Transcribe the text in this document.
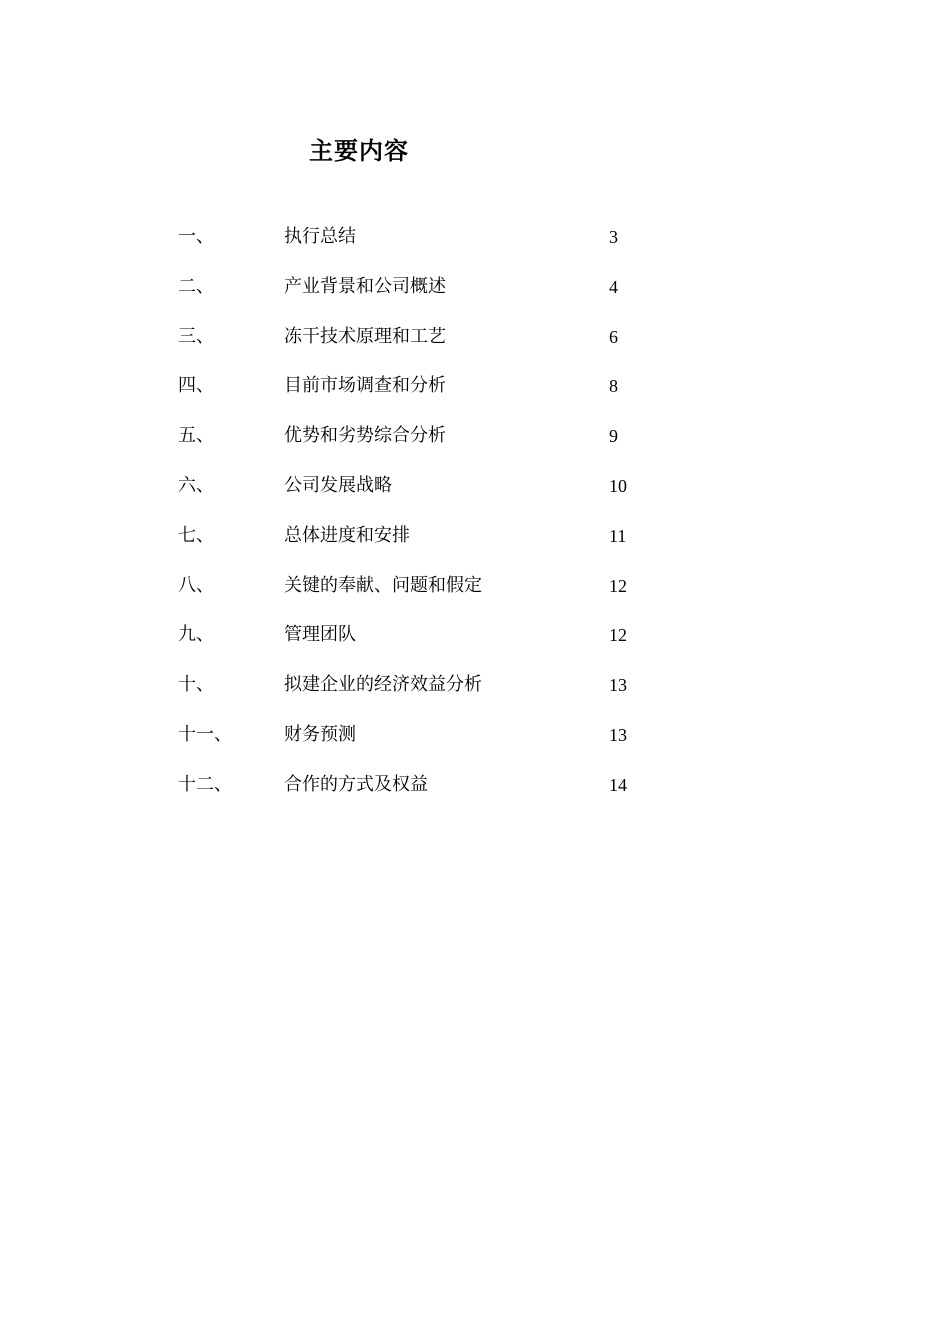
主要内容
一、	执行总结	3
二、	产业背景和公司概述	4
三、	冻干技术原理和工艺	6
四、	目前市场调查和分析	8
五、	优势和劣势综合分析	9
六、	公司发展战略	10
七、	总体进度和安排	11
八、	关键的奉献、问题和假定	12
九、	管理团队	12
十、	拟建企业的经济效益分析	13
十一、	财务预测	13
十二、	合作的方式及权益	14
